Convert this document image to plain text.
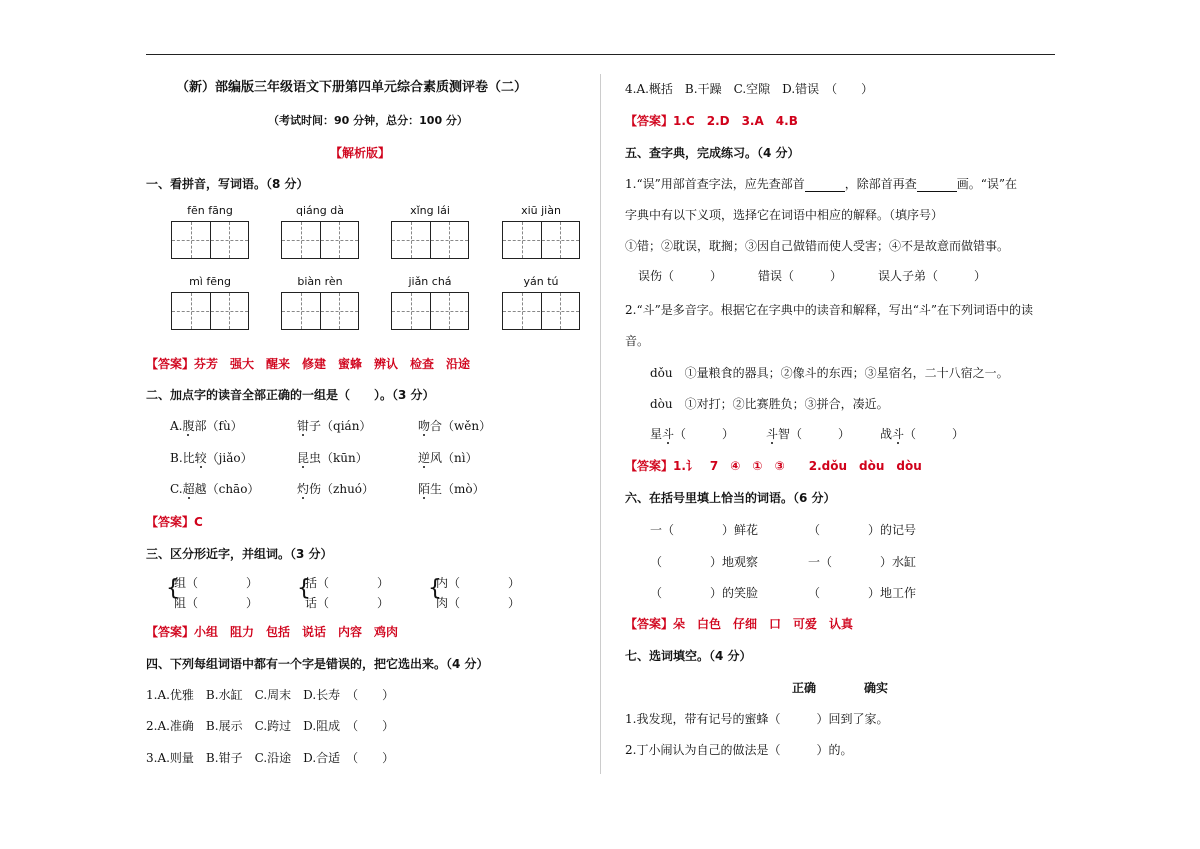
（新）部编版三年级语文下册第四单元综合素质测评卷（二）
（考试时间：90 分钟，总分：100 分）
【解析版】
一、看拼音，写词语。（8 分）
fēn fāng	qiáng dà	xǐng lái	xiū jiàn
mì fēng	biàn rèn	jiǎn chá	yán tú
【答案】芬芳　强大　醒来　修建　蜜蜂　辨认　检查　沿途
二、加点字的读音全部正确的一组是（　　）。（3 分）
A.腹部（fù）	钳子（qián）	吻合（wěn）
B.比较（jiǎo）	昆虫（kūn）	逆风（nì）
C.超越（chāo）	灼伤（zhuó）	陌生（mò）
【答案】C
三、区分形近字，并组词。（3 分）
{
组（　　　　）
阻（　　　　）
{
括（　　　　）
话（　　　　）
{
内（　　　　）
肉（　　　　）
【答案】小组　阻力　包括　说话　内容　鸡肉
四、下列每组词语中都有一个字是错误的，把它选出来。（4 分）
1.A.优雅　B.水缸　C.周末　D.长寿　（　　）
2.A.准确　B.展示　C.跨过　D.阻成　（　　）
3.A.则量　B.钳子　C.沿途　D.合适　（　　）
4.A.概括　B.干躁　C.空隙　D.错误　（　　）
【答案】1.C　2.D　3.A　4.B
五、查字典，完成练习。（4 分）
1.“误”用部首查字法，应先查部首	，除部首再查	画。“误”在
字典中有以下义项，选择它在词语中相应的解释。（填序号）
①错；②耽误，耽搁；③因自己做错而使人受害；④不是故意而做错事。
误伤（　　　）	错误（　　　）	误人子弟（　　　）
2.“斗”是多音字。根据它在字典中的读音和解释，写出“斗”在下列词语中的读
音。
dǒu　①量粮食的器具；②像斗的东西；③星宿名，二十八宿之一。
dòu　①对打；②比赛胜负；③拼合，凑近。
星斗（　　　）	斗智（　　　） 战斗（　　　）
【答案】1.讠　7　④　①　③　　2.dǒu　dòu　dòu
六、在括号里填上恰当的词语。（6 分）
一（　　　　）鲜花	（　　　　）的记号
（　　　　）地观察	一（　　　　）水缸
（　　　　）的笑脸	（　　　　）地工作
【答案】朵　白色　仔细　口　可爱　认真
七、选词填空。（4 分）
正确	确实
1.我发现，带有记号的蜜蜂（　　　）回到了家。
2.丁小闹认为自己的做法是（　　　）的。
